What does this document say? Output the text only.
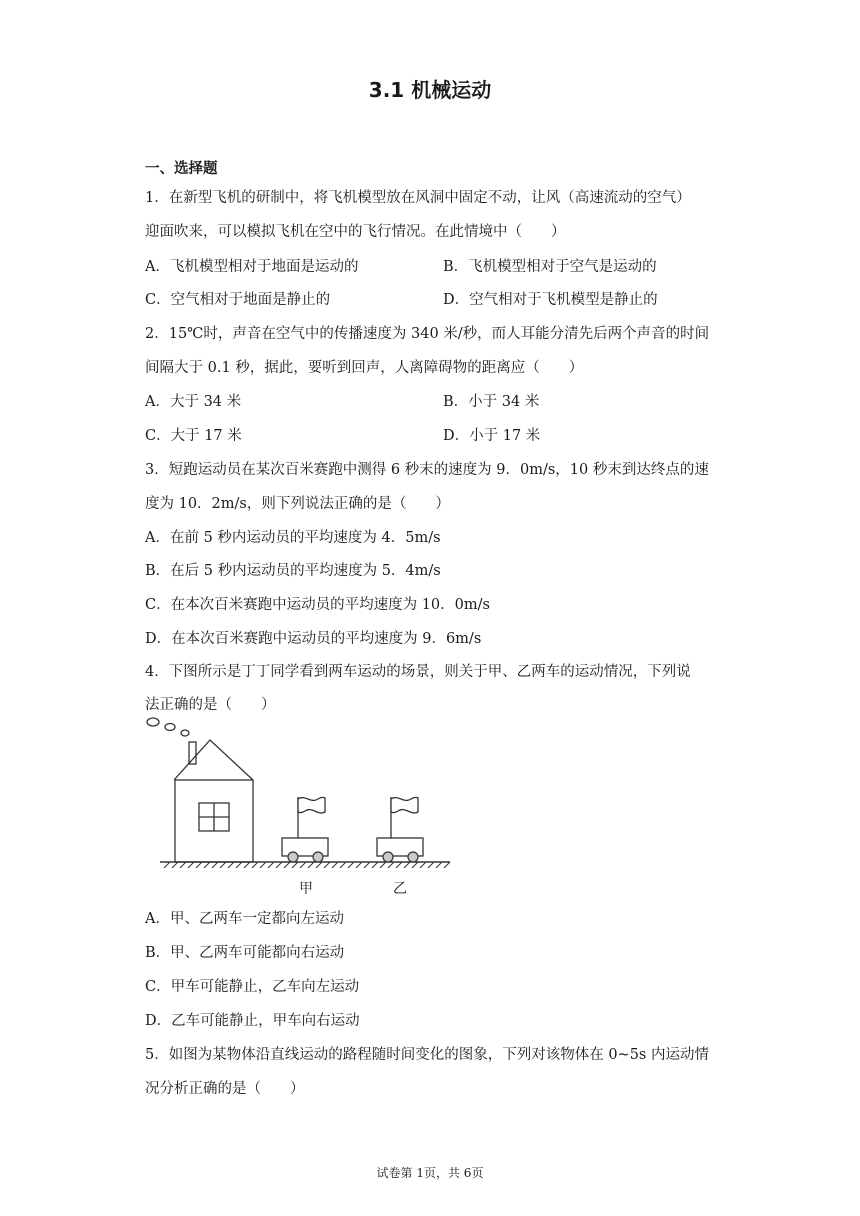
3.1 机械运动
一、选择题
1．在新型飞机的研制中，将飞机模型放在风洞中固定不动，让风（高速流动的空气）
迎面吹来，可以模拟飞机在空中的飞行情况。在此情境中（　　）
A．飞机模型相对于地面是运动的	B．飞机模型相对于空气是运动的
C．空气相对于地面是静止的	D．空气相对于飞机模型是静止的
2．15℃时，声音在空气中的传播速度为 340 米/秒，而人耳能分清先后两个声音的时间
间隔大于 0.1 秒，据此，要听到回声，人离障碍物的距离应（　　）
A．大于 34 米	B．小于 34 米
C．大于 17 米	D．小于 17 米
3．短跑运动员在某次百米赛跑中测得 6 秒末的速度为 9．0m/s，10 秒末到达终点的速
度为 10．2m/s，则下列说法正确的是（　　）
A．在前 5 秒内运动员的平均速度为 4．5m/s
B．在后 5 秒内运动员的平均速度为 5．4m/s
C．在本次百米赛跑中运动员的平均速度为 10．0m/s
D．在本次百米赛跑中运动员的平均速度为 9．6m/s
4．下图所示是丁丁同学看到两车运动的场景，则关于甲、乙两车的运动情况，下列说
法正确的是（　　）
甲	乙
A．甲、乙两车一定都向左运动
B．甲、乙两车可能都向右运动
C．甲车可能静止，乙车向左运动
D．乙车可能静止，甲车向右运动
5．如图为某物体沿直线运动的路程随时间变化的图象，下列对该物体在 0~5s 内运动情
况分析正确的是（　　）
试卷第 1页，共 6页
